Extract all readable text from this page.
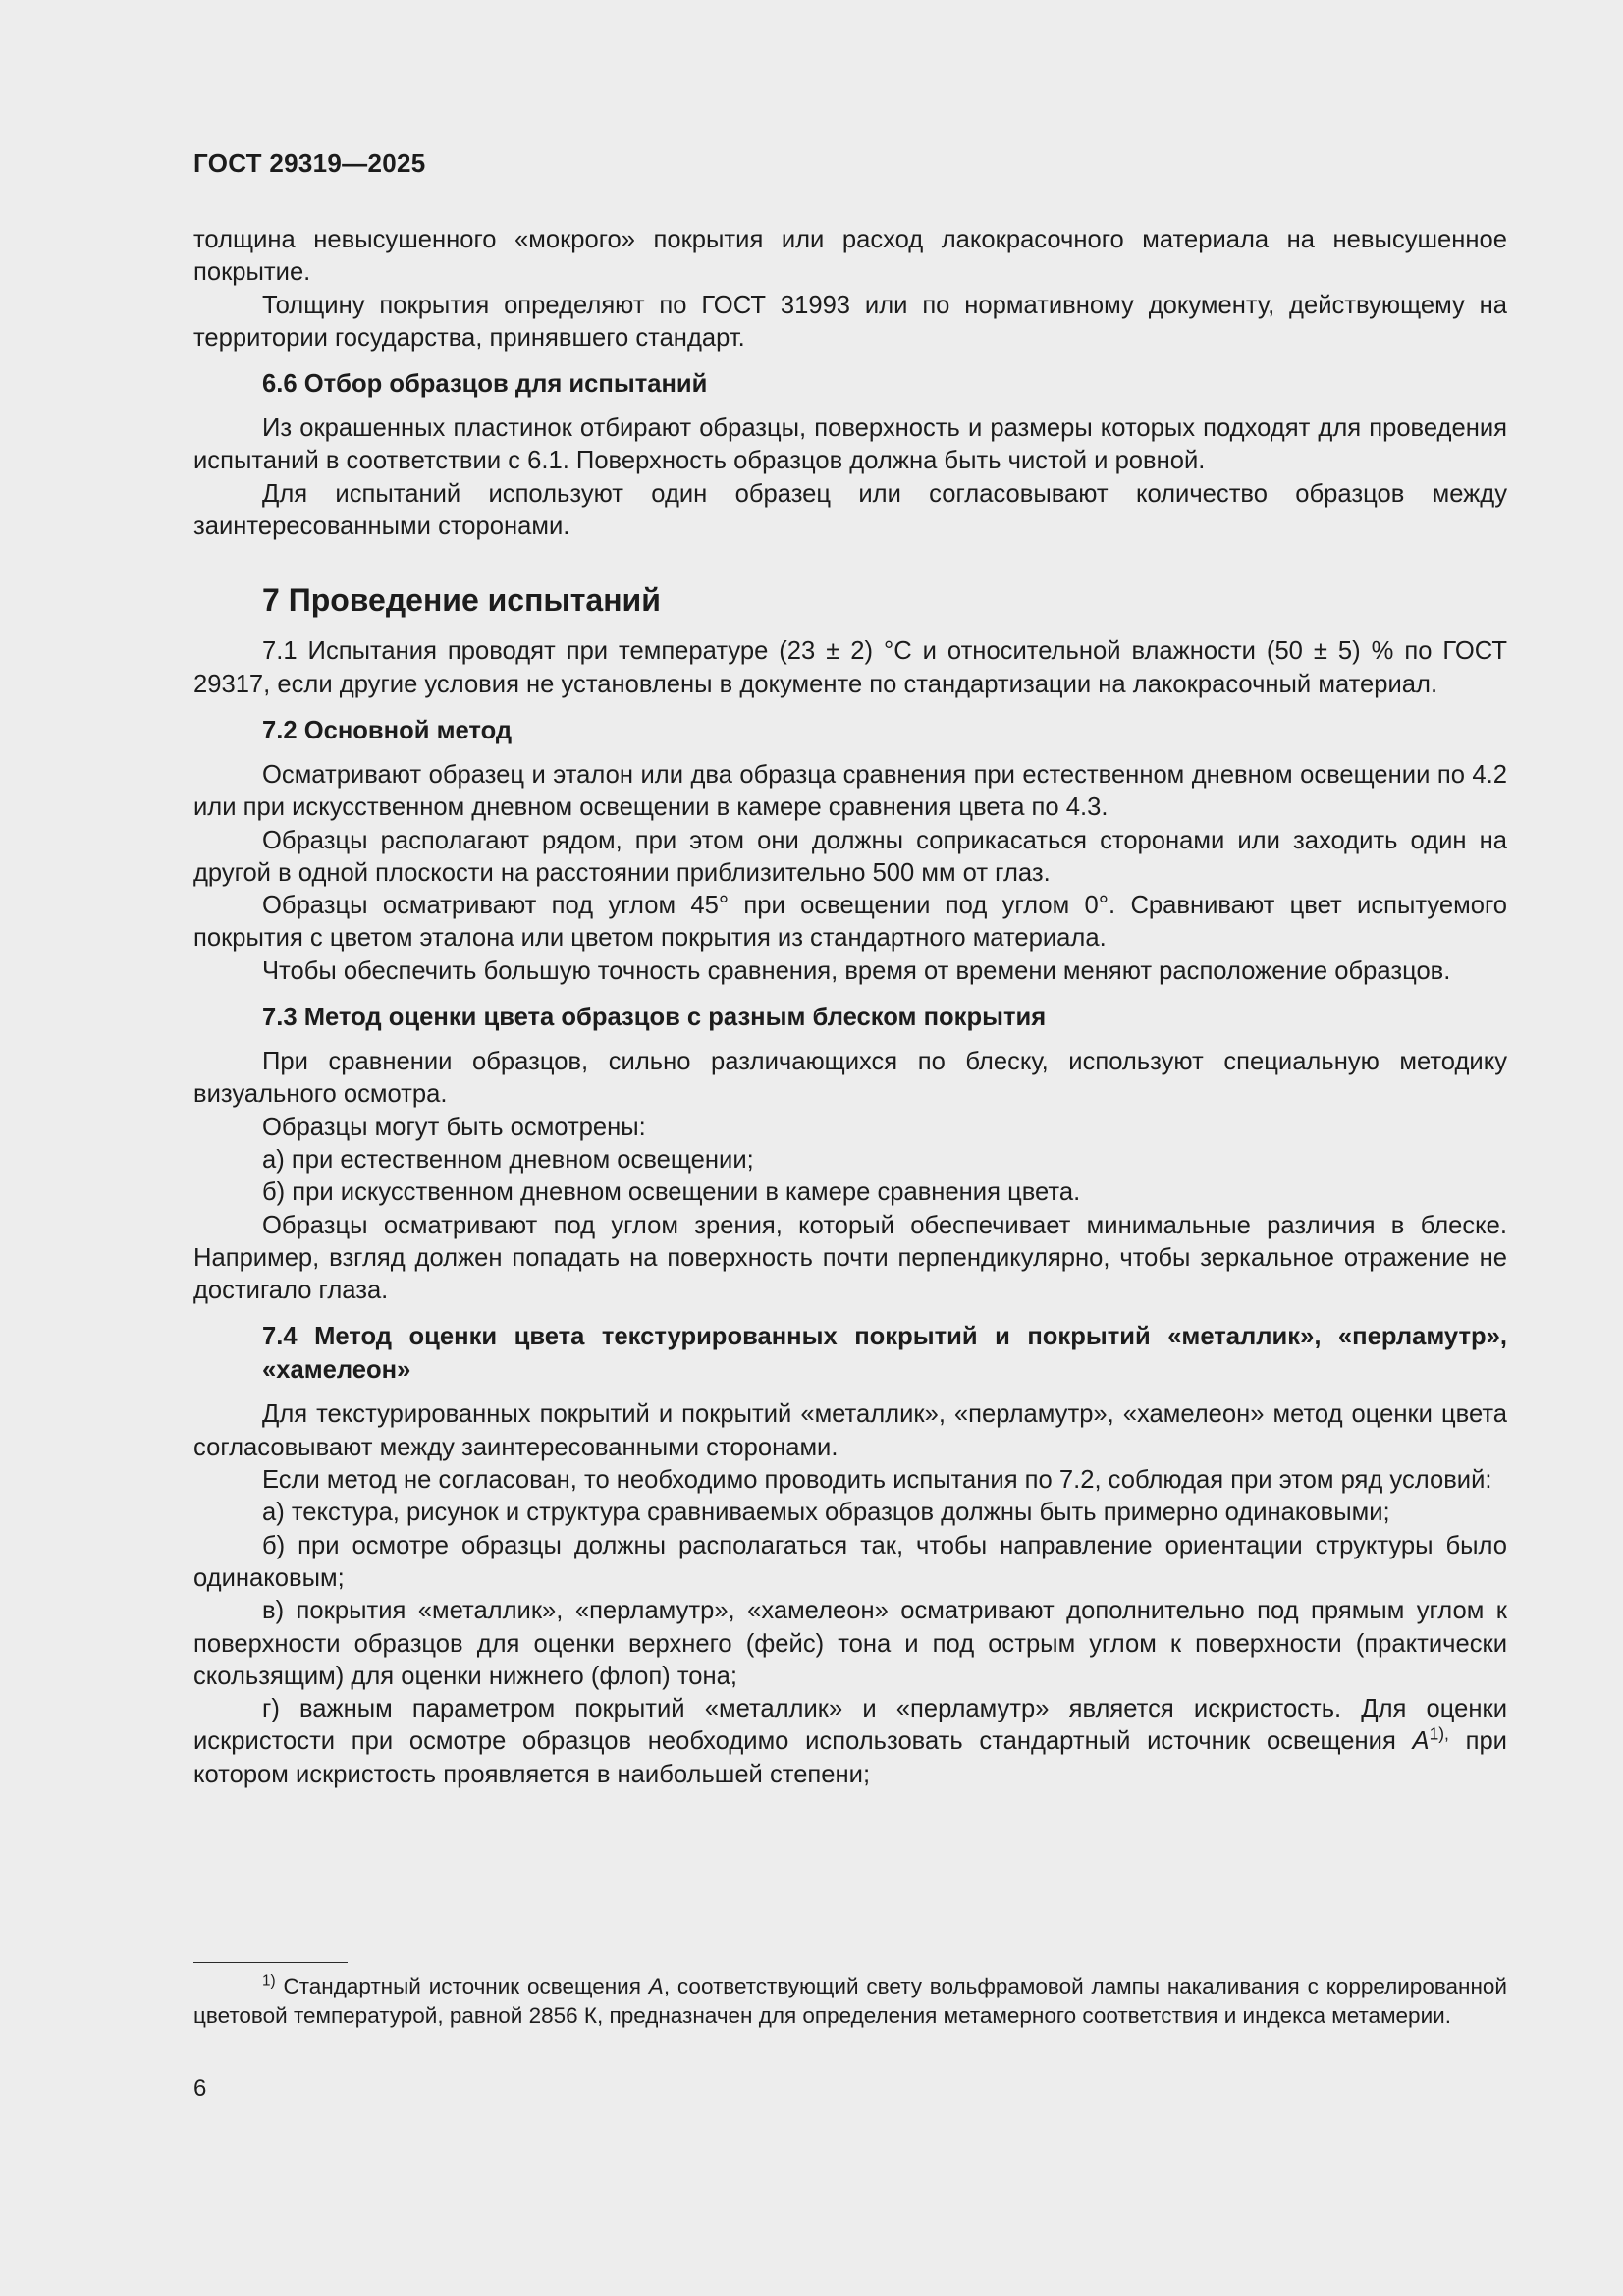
ГОСТ 29319—2025

толщина невысушенного «мокрого» покрытия или расход лакокрасочного материала на невысушенное покрытие.

Толщину покрытия определяют по ГОСТ 31993 или по нормативному документу, действующему на территории государства, принявшего стандарт.

6.6 Отбор образцов для испытаний

Из окрашенных пластинок отбирают образцы, поверхность и размеры которых подходят для проведения испытаний в соответствии с 6.1. Поверхность образцов должна быть чистой и ровной.

Для испытаний используют один образец или согласовывают количество образцов между заинтересованными сторонами.

7 Проведение испытаний

7.1 Испытания проводят при температуре (23 ± 2) °С и относительной влажности (50 ± 5) % по ГОСТ 29317, если другие условия не установлены в документе по стандартизации на лакокрасочный материал.

7.2 Основной метод

Осматривают образец и эталон или два образца сравнения при естественном дневном освещении по 4.2 или при искусственном дневном освещении в камере сравнения цвета по 4.3.

Образцы располагают рядом, при этом они должны соприкасаться сторонами или заходить один на другой в одной плоскости на расстоянии приблизительно 500 мм от глаз.

Образцы осматривают под углом 45° при освещении под углом 0°. Сравнивают цвет испытуемого покрытия с цветом эталона или цветом покрытия из стандартного материала.

Чтобы обеспечить большую точность сравнения, время от времени меняют расположение образцов.

7.3 Метод оценки цвета образцов с разным блеском покрытия

При сравнении образцов, сильно различающихся по блеску, используют специальную методику визуального осмотра.

Образцы могут быть осмотрены:

а) при естественном дневном освещении;

б) при искусственном дневном освещении в камере сравнения цвета.

Образцы осматривают под углом зрения, который обеспечивает минимальные различия в блеске. Например, взгляд должен попадать на поверхность почти перпендикулярно, чтобы зеркальное отражение не достигало глаза.

7.4 Метод оценки цвета текстурированных покрытий и покрытий «металлик», «перламутр», «хамелеон»

Для текстурированных покрытий и покрытий «металлик», «перламутр», «хамелеон» метод оценки цвета согласовывают между заинтересованными сторонами.

Если метод не согласован, то необходимо проводить испытания по 7.2, соблюдая при этом ряд условий:

а) текстура, рисунок и структура сравниваемых образцов должны быть примерно одинаковыми;

б) при осмотре образцы должны располагаться так, чтобы направление ориентации структуры было одинаковым;

в) покрытия «металлик», «перламутр», «хамелеон» осматривают дополнительно под прямым углом к поверхности образцов для оценки верхнего (фейс) тона и под острым углом к поверхности (практически скользящим) для оценки нижнего (флоп) тона;

г) важным параметром покрытий «металлик» и «перламутр» является искристость. Для оценки искристости при осмотре образцов необходимо использовать стандартный источник освещения $А^{1),}$ при котором искристость проявляется в наибольшей степени;

$^{1)}$ Стандартный источник освещения А, соответствующий свету вольфрамовой лампы накаливания с коррелированной цветовой температурой, равной 2856 К, предназначен для определения метамерного соответствия и индекса метамерии.

6
